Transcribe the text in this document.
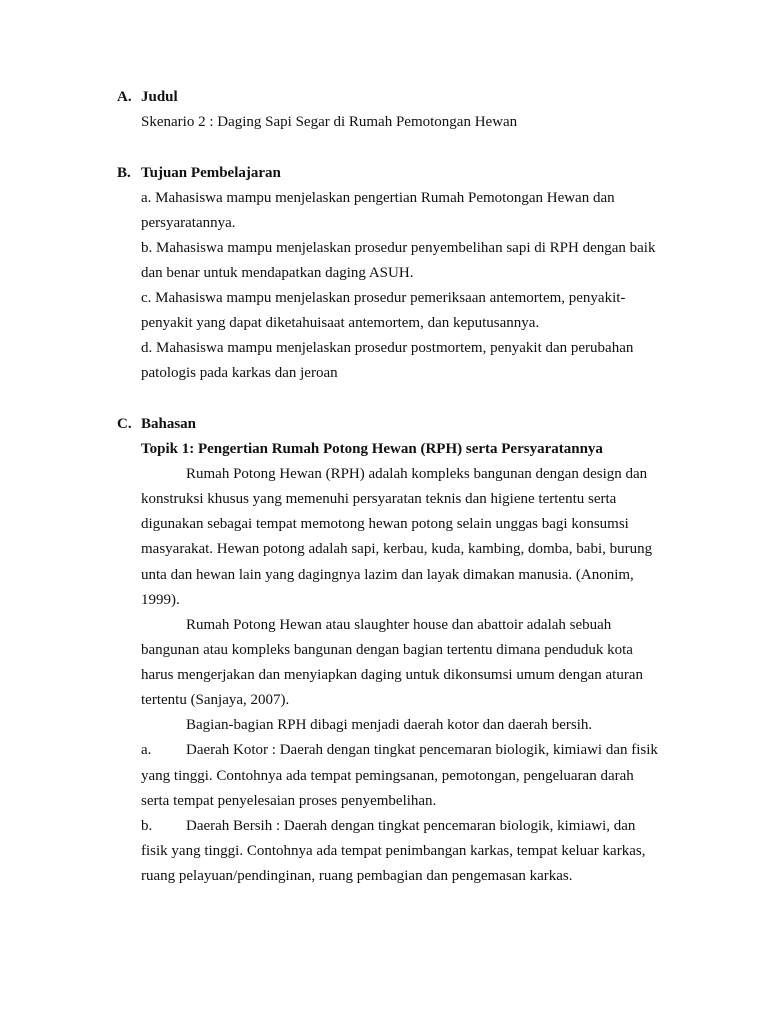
A. Judul
Skenario 2 : Daging Sapi Segar di Rumah Pemotongan Hewan
B. Tujuan Pembelajaran
a. Mahasiswa mampu menjelaskan pengertian Rumah Pemotongan Hewan dan
persyaratannya.
b. Mahasiswa mampu menjelaskan prosedur penyembelihan sapi di RPH dengan baik
dan benar untuk mendapatkan daging ASUH.
c. Mahasiswa mampu menjelaskan prosedur pemeriksaan antemortem, penyakit-
penyakit yang dapat diketahuisaat antemortem, dan keputusannya.
d. Mahasiswa mampu menjelaskan prosedur postmortem, penyakit dan perubahan
patologis pada karkas dan jeroan
C. Bahasan
Topik 1: Pengertian Rumah Potong Hewan (RPH) serta Persyaratannya
Rumah Potong Hewan (RPH) adalah kompleks bangunan dengan design dan
konstruksi khusus yang memenuhi persyaratan teknis dan higiene tertentu serta
digunakan sebagai tempat memotong hewan potong selain unggas bagi konsumsi
masyarakat. Hewan potong adalah sapi, kerbau, kuda, kambing, domba, babi, burung
unta dan hewan lain yang dagingnya lazim dan layak dimakan manusia. (Anonim,
1999).
Rumah Potong Hewan atau slaughter house dan abattoir adalah sebuah
bangunan atau kompleks bangunan dengan bagian tertentu dimana penduduk kota
harus mengerjakan dan menyiapkan daging untuk dikonsumsi umum dengan aturan
tertentu (Sanjaya, 2007).
Bagian-bagian RPH dibagi menjadi daerah kotor dan daerah bersih.
a. Daerah Kotor : Daerah dengan tingkat pencemaran biologik, kimiawi dan fisik
yang tinggi. Contohnya ada tempat pemingsanan, pemotongan, pengeluaran darah
serta tempat penyelesaian proses penyembelihan.
b. Daerah Bersih : Daerah dengan tingkat pencemaran biologik, kimiawi, dan
fisik yang tinggi. Contohnya ada tempat penimbangan karkas, tempat keluar karkas,
ruang pelayuan/pendinginan, ruang pembagian dan pengemasan karkas.
